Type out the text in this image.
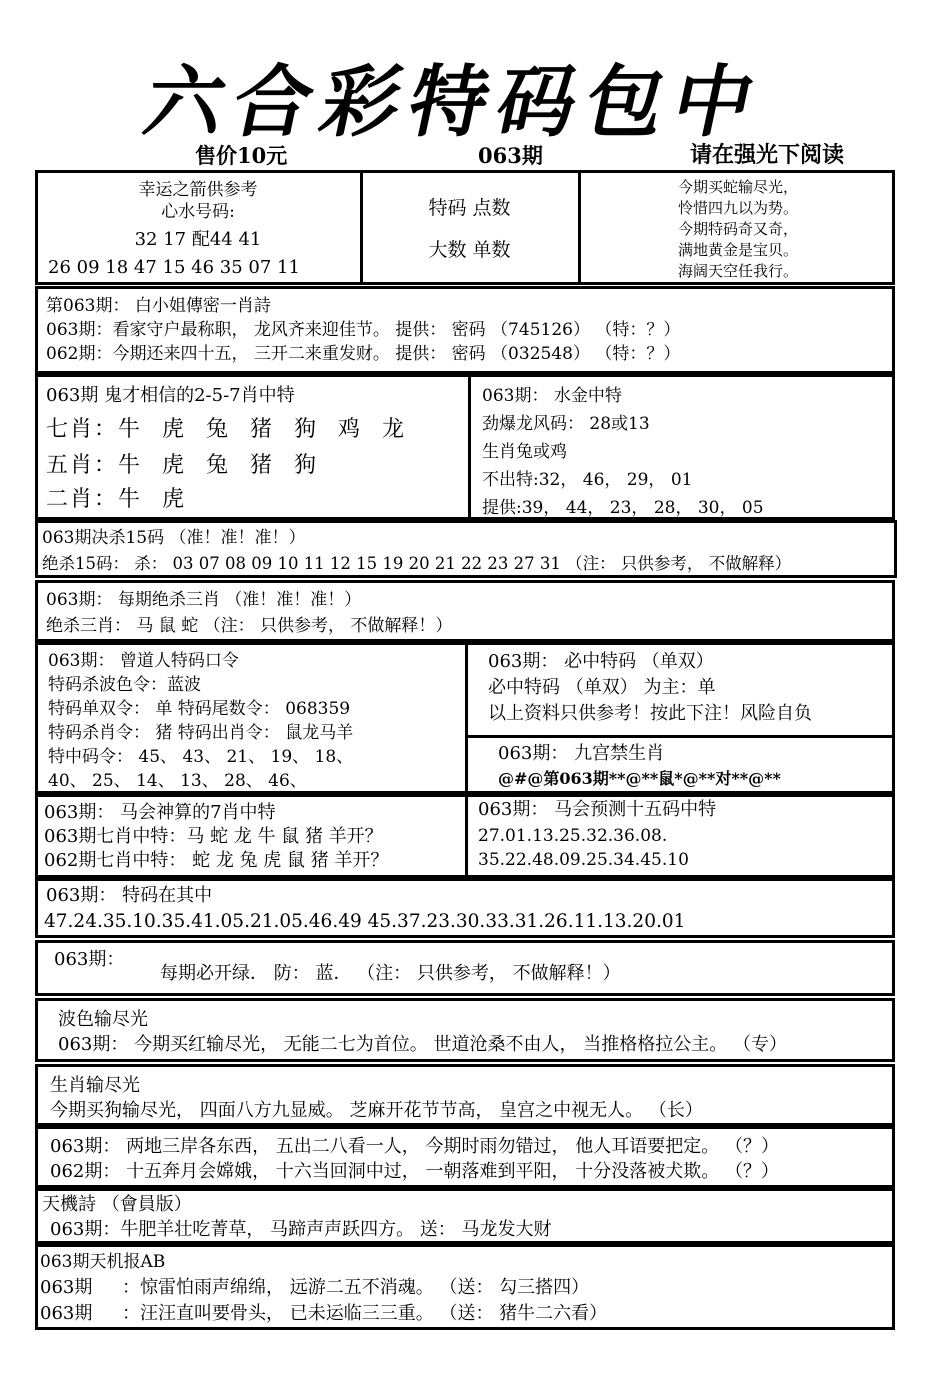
六合彩特码包中
售价10元	063期	请在强光下阅读
幸运之箭供参考
心水号码:
32 17 配44 41
26 09 18 47 15 46 35 07 11
特码 点数
大数 单数
今期买蛇输尽光，
怜惜四九以为势。
今期特码奇又奇，
满地黄金是宝贝。
海阔天空任我行。
第063期： 白小姐傳密一肖詩
063期：看家守户最称职， 龙风齐来迎佳节。 提供： 密码 （745126） （特：？）
062期：今期还来四十五， 三开二来重发财。 提供： 密码 （032548） （特：？）
063期 鬼才相信的2-5-7肖中特
七肖：牛 虎 兔 猪 狗 鸡 龙
五肖：牛 虎 兔 猪 狗
二肖：牛 虎
063期： 水金中特
劲爆龙风码： 28或13
生肖兔或鸡
不出特:32， 46， 29， 01
提供:39， 44， 23， 28， 30， 05
063期决杀15码 （准！准！准！）
绝杀15码： 杀： 03 07 08 09 10 11 12 15 19 20 21 22 23 27 31 （注： 只供参考， 不做解释）
063期： 每期绝杀三肖 （准！准！准！）
绝杀三肖： 马 鼠 蛇 （注： 只供参考， 不做解释！）
063期： 曾道人特码口令
特码杀波色令：蓝波
特码单双令： 单 特码尾数令： 068359
特码杀肖令： 猪 特码出肖令： 鼠龙马羊
特中码令： 45、 43、 21、 19、 18、
40、 25、 14、 13、 28、 46、
063期： 必中特码 （单双）
必中特码 （单双） 为主：单
以上资料只供参考！按此下注！风险自负
063期： 九宫禁生肖
@#@第063期**@**鼠*@**对**@**
063期： 马会神算的7肖中特
063期七肖中特：马 蛇 龙 牛 鼠 猪 羊开？
062期七肖中特： 蛇 龙 兔 虎 鼠 猪 羊开？
063期： 马会预测十五码中特
27.01.13.25.32.36.08.
35.22.48.09.25.34.45.10
063期： 特码在其中
47.24.35.10.35.41.05.21.05.46.49 45.37.23.30.33.31.26.11.13.20.01
063期：
每期必开绿． 防： 蓝． （注： 只供参考， 不做解释！）
波色输尽光
063期： 今期买红输尽光， 无能二七为首位。 世道沧桑不由人， 当推格格拉公主。 （专）
生肖输尽光
今期买狗输尽光， 四面八方九显威。 芝麻开花节节高， 皇宫之中视无人。 （长）
063期： 两地三岸各东西， 五出二八看一人， 今期时雨勿错过， 他人耳语要把定。 （？）
062期： 十五奔月会嫦娥， 十六当回洞中过， 一朝落难到平阳， 十分没落被犬欺。 （？）
天機詩 （會員版）
063期：牛肥羊壮吃菁草， 马蹄声声跃四方。 送： 马龙发大财
063期天机报AB
063期 ：惊雷怕雨声绵绵， 远游二五不消魂。 （送： 勾三搭四）
063期 ：汪汪直叫要骨头， 已未运临三三重。 （送： 猪牛二六看）
